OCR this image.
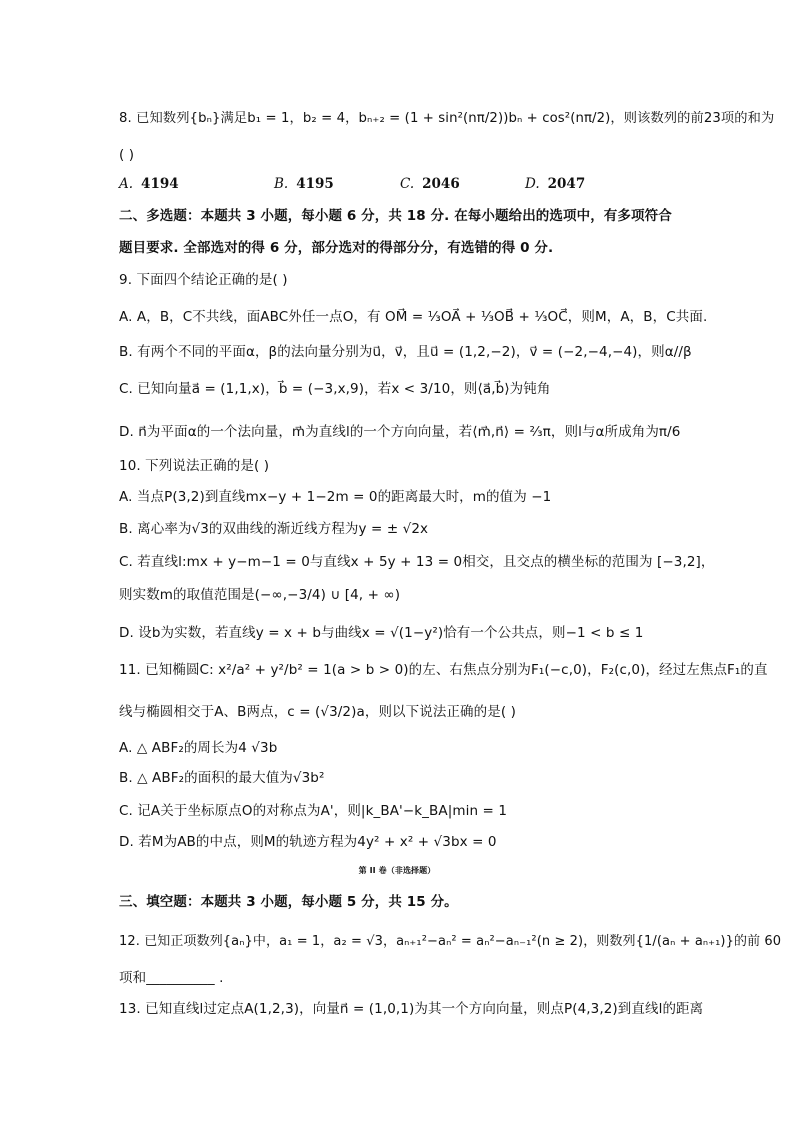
8. 已知数列{bₙ}满足b₁ = 1，b₂ = 4，bₙ₊₂ = (1 + sin²(nπ/2))bₙ + cos²(nπ/2)，则该数列的前23项的和为
( )
A. 4194	B. 4195	C. 2046	D. 2047
二、多选题：本题共 3 小题，每小题 6 分，共 18 分. 在每小题给出的选项中，有多项符合
题目要求. 全部选对的得 6 分，部分选对的得部分分，有选错的得 0 分.
9. 下面四个结论正确的是( )
A. A，B，C不共线，面ABC外任一点O，有 OM⃗ = ⅓OA⃗ + ⅓OB⃗ + ⅓OC⃗，则M，A，B，C共面.
B. 有两个不同的平面α，β的法向量分别为u⃗，v⃗，且u⃗ = (1,2,−2)，v⃗ = (−2,−4,−4)，则α//β
C. 已知向量a⃗ = (1,1,x)，b⃗ = (−3,x,9)，若x < 3/10，则⟨a⃗,b⃗⟩为钝角
D. n⃗为平面α的一个法向量，m⃗为直线l的一个方向向量，若⟨m⃗,n⃗⟩ = ⅔π，则l与α所成角为π/6
10. 下列说法正确的是( )
A. 当点P(3,2)到直线mx−y + 1−2m = 0的距离最大时，m的值为 −1
B. 离心率为√3的双曲线的渐近线方程为y = ± √2x
C. 若直线l:mx + y−m−1 = 0与直线x + 5y + 13 = 0相交，且交点的横坐标的范围为 [−3,2]，
则实数m的取值范围是(−∞,−3/4) ∪ [4, + ∞)
D. 设b为实数，若直线y = x + b与曲线x = √(1−y²)恰有一个公共点，则−1 < b ≤ 1
11. 已知椭圆C: x²/a² + y²/b² = 1(a > b > 0)的左、右焦点分别为F₁(−c,0)，F₂(c,0)，经过左焦点F₁的直
线与椭圆相交于A、B两点，c = (√3/2)a，则以下说法正确的是( )
A. △ ABF₂的周长为4 √3b
B. △ ABF₂的面积的最大值为√3b²
C. 记A关于坐标原点O的对称点为A'，则|k_BA'−k_BA|min = 1
D. 若M为AB的中点，则M的轨迹方程为4y² + x² + √3bx = 0
第 II 卷（非选择题）
三、填空题：本题共 3 小题，每小题 5 分，共 15 分。
12. 已知正项数列{aₙ}中，a₁ = 1，a₂ = √3，aₙ₊₁²−aₙ² = aₙ²−aₙ₋₁²(n ≥ 2)，则数列{1/(aₙ + aₙ₊₁)}的前 60
项和__________ .
13. 已知直线l过定点A(1,2,3)，向量n⃗ = (1,0,1)为其一个方向向量，则点P(4,3,2)到直线l的距离
